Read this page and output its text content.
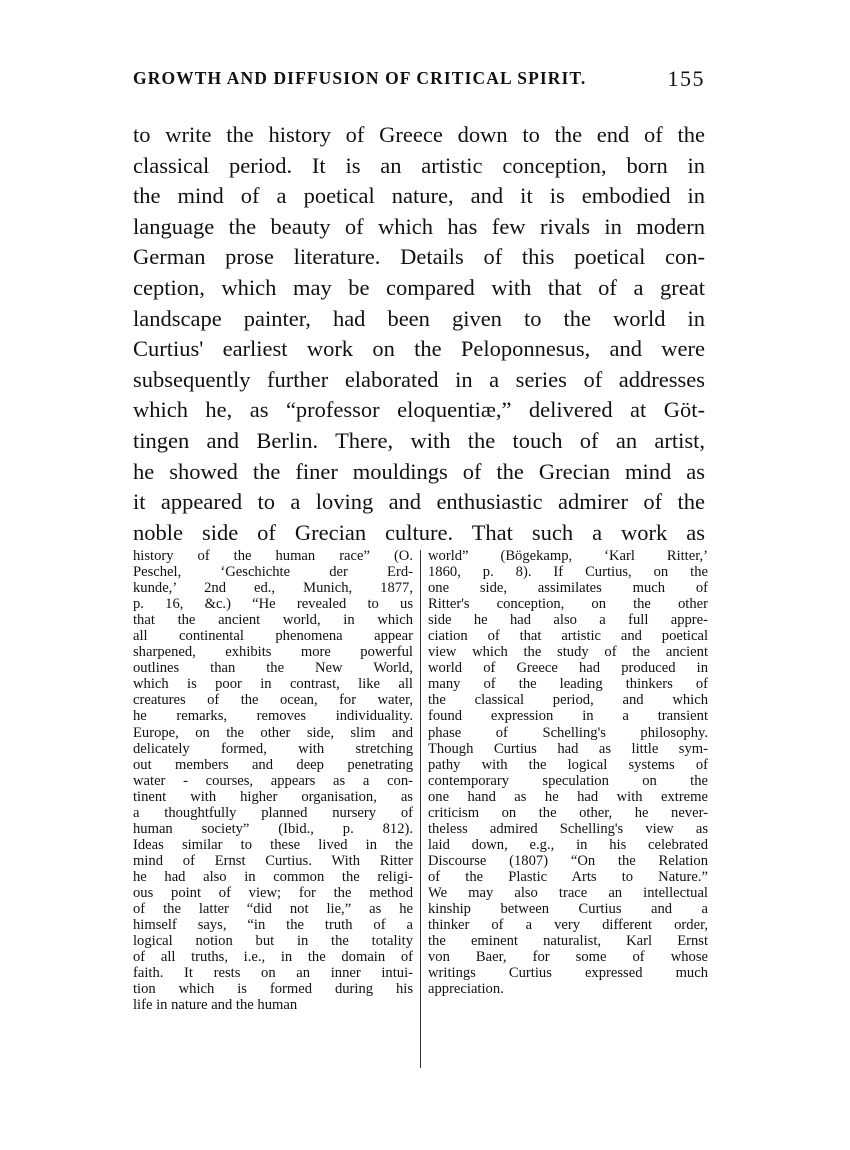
GROWTH AND DIFFUSION OF CRITICAL SPIRIT.	155
to write the history of Greece down to the end of the
classical period. It is an artistic conception, born in
the mind of a poetical nature, and it is embodied in
language the beauty of which has few rivals in modern
German prose literature. Details of this poetical con-
ception, which may be compared with that of a great
landscape painter, had been given to the world in
Curtius' earliest work on the Peloponnesus, and were
subsequently further elaborated in a series of addresses
which he, as “professor eloquentiæ,” delivered at Göt-
tingen and Berlin. There, with the touch of an artist,
he showed the finer mouldings of the Grecian mind as
it appeared to a loving and enthusiastic admirer of the
noble side of Grecian culture. That such a work as
history of the human race” (O.
Peschel, ‘Geschichte der Erd-
kunde,’ 2nd ed., Munich, 1877,
p. 16, &c.) “He revealed to us
that the ancient world, in which
all continental phenomena appear
sharpened, exhibits more powerful
outlines than the New World,
which is poor in contrast, like all
creatures of the ocean, for water,
he remarks, removes individuality.
Europe, on the other side, slim and
delicately formed, with stretching
out members and deep penetrating
water - courses, appears as a con-
tinent with higher organisation, as
a thoughtfully planned nursery of
human society” (Ibid., p. 812).
Ideas similar to these lived in the
mind of Ernst Curtius. With Ritter
he had also in common the religi-
ous point of view; for the method
of the latter “did not lie,” as he
himself says, “in the truth of a
logical notion but in the totality
of all truths, i.e., in the domain of
faith. It rests on an inner intui-
tion which is formed during his
life in nature and the human
world” (Bögekamp, ‘Karl Ritter,’
1860, p. 8). If Curtius, on the
one side, assimilates much of
Ritter's conception, on the other
side he had also a full appre-
ciation of that artistic and poetical
view which the study of the ancient
world of Greece had produced in
many of the leading thinkers of
the classical period, and which
found expression in a transient
phase of Schelling's philosophy.
Though Curtius had as little sym-
pathy with the logical systems of
contemporary speculation on the
one hand as he had with extreme
criticism on the other, he never-
theless admired Schelling's view as
laid down, e.g., in his celebrated
Discourse (1807) “On the Relation
of the Plastic Arts to Nature.”
We may also trace an intellectual
kinship between Curtius and a
thinker of a very different order,
the eminent naturalist, Karl Ernst
von Baer, for some of whose
writings Curtius expressed much
appreciation.
